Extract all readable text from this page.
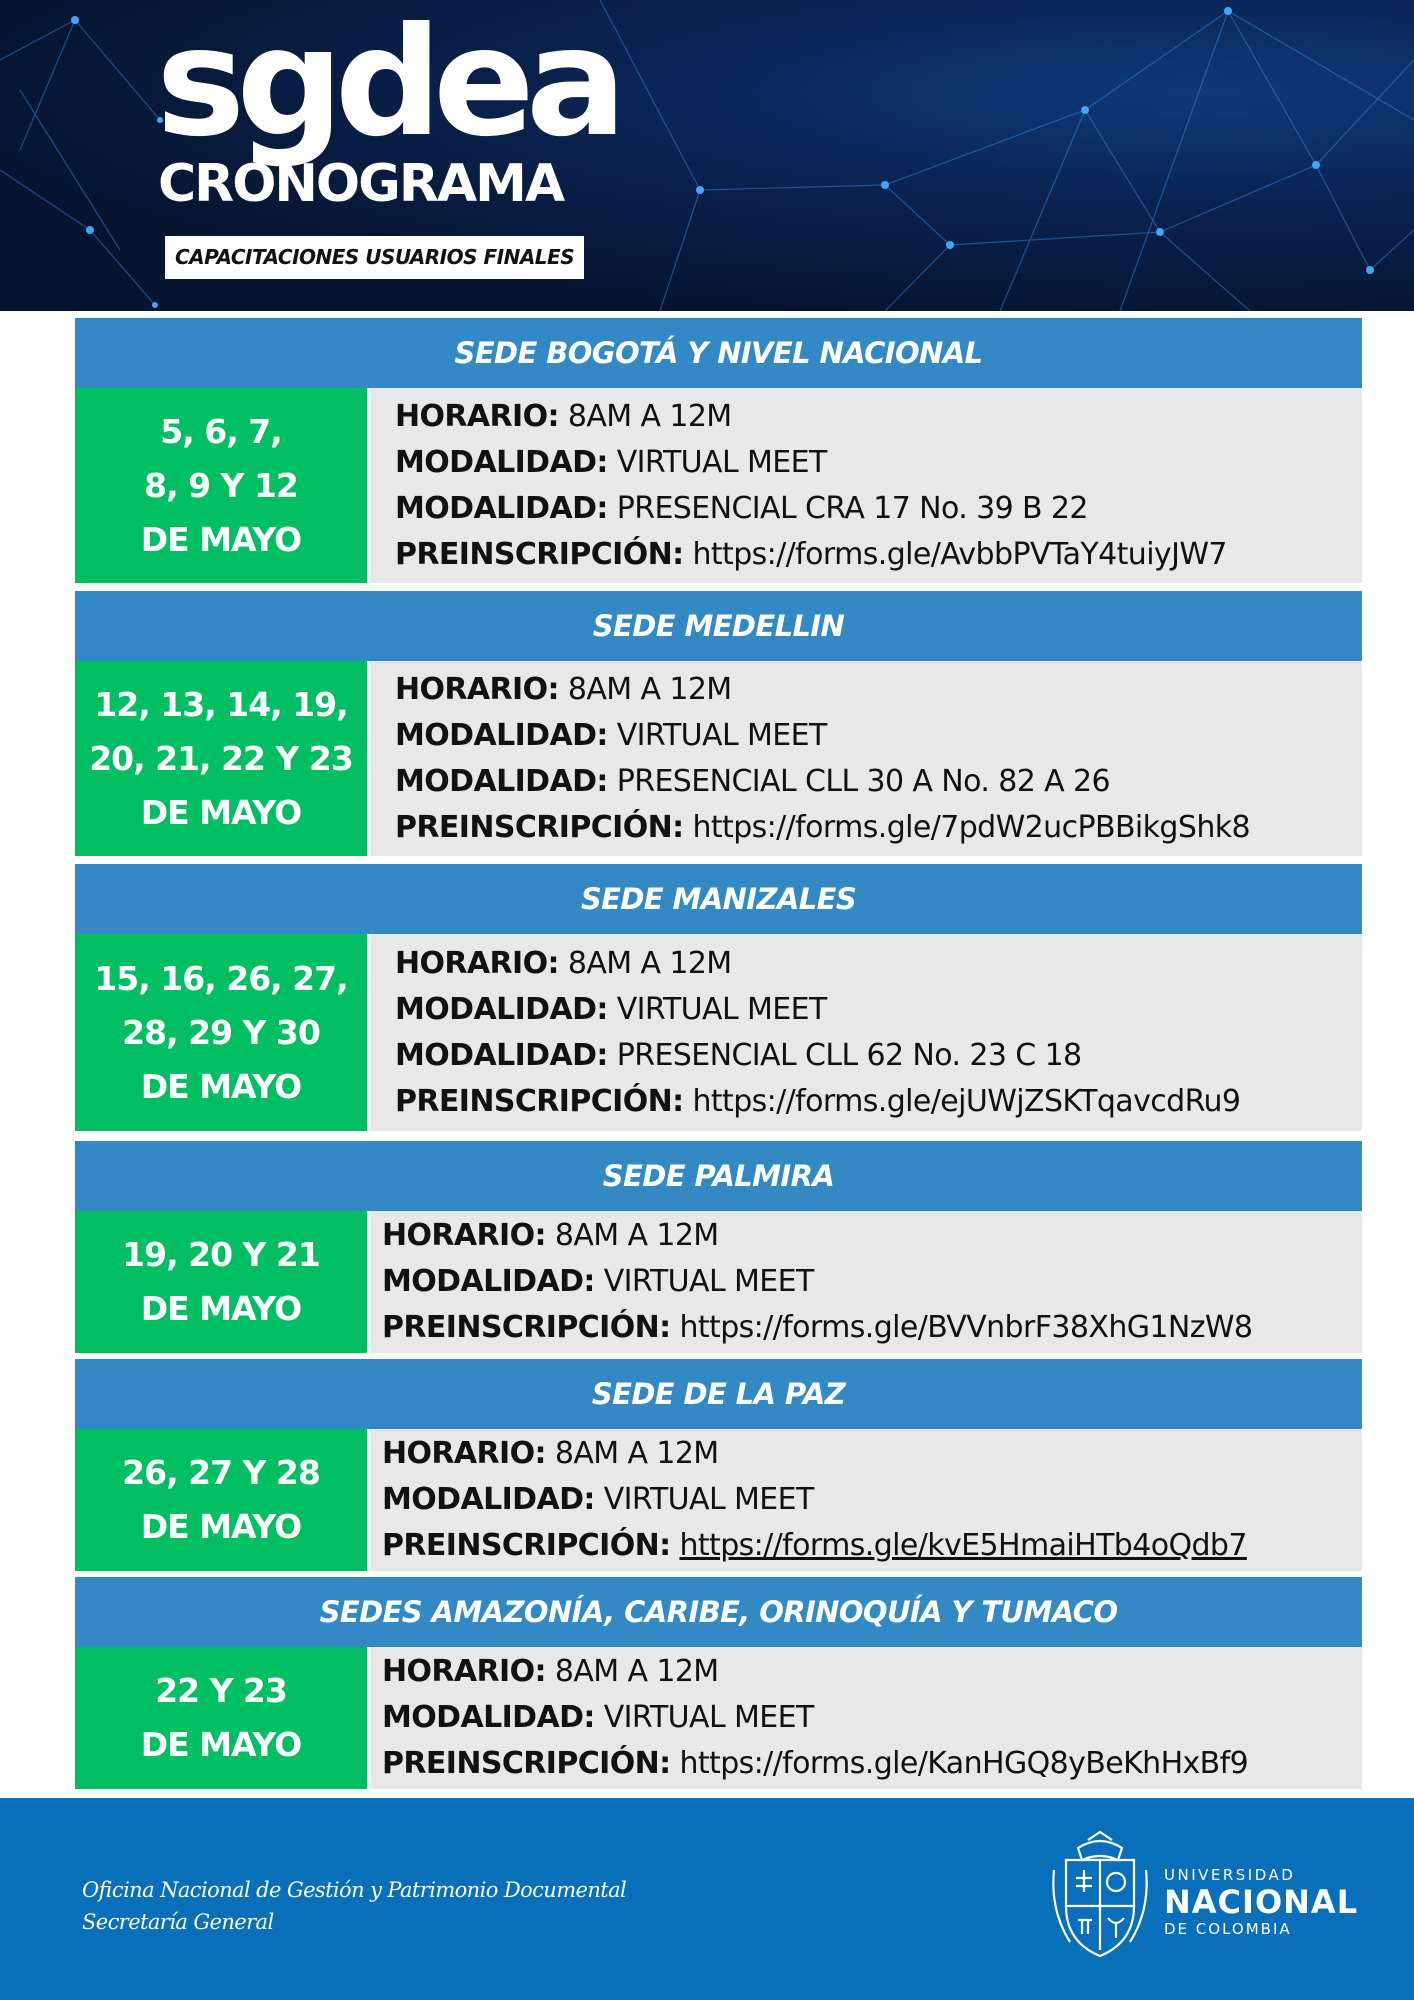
sgdea
CRONOGRAMA
CAPACITACIONES USUARIOS FINALES
SEDE BOGOTÁ Y NIVEL NACIONAL
5, 6, 7,
8, 9 Y 12
DE MAYO
HORARIO: 8AM A 12M
MODALIDAD: VIRTUAL MEET
MODALIDAD: PRESENCIAL CRA 17 No. 39 B 22
PREINSCRIPCIÓN: https://forms.gle/AvbbPVTaY4tuiyJW7
SEDE MEDELLIN
12, 13, 14, 19,
20, 21, 22 Y 23
DE MAYO
HORARIO: 8AM A 12M
MODALIDAD: VIRTUAL MEET
MODALIDAD: PRESENCIAL CLL 30 A No. 82 A 26
PREINSCRIPCIÓN: https://forms.gle/7pdW2ucPBBikgShk8
SEDE MANIZALES
15, 16, 26, 27,
28, 29 Y 30
DE MAYO
HORARIO: 8AM A 12M
MODALIDAD: VIRTUAL MEET
MODALIDAD: PRESENCIAL CLL 62 No. 23 C 18
PREINSCRIPCIÓN: https://forms.gle/ejUWjZSKTqavcdRu9
SEDE PALMIRA
19, 20 Y 21
DE MAYO
HORARIO: 8AM A 12M
MODALIDAD: VIRTUAL MEET
PREINSCRIPCIÓN: https://forms.gle/BVVnbrF38XhG1NzW8
SEDE DE LA PAZ
26, 27 Y 28
DE MAYO
HORARIO: 8AM A 12M
MODALIDAD: VIRTUAL MEET
PREINSCRIPCIÓN: https://forms.gle/kvE5HmaiHTb4oQdb7
SEDES AMAZONÍA, CARIBE, ORINOQUÍA Y TUMACO
22 Y 23
DE MAYO
HORARIO: 8AM A 12M
MODALIDAD: VIRTUAL MEET
PREINSCRIPCIÓN: https://forms.gle/KanHGQ8yBeKhHxBf9
Oficina Nacional de Gestión y Patrimonio Documental
Secretaría General
UNIVERSIDAD
NACIONAL
DE COLOMBIA
